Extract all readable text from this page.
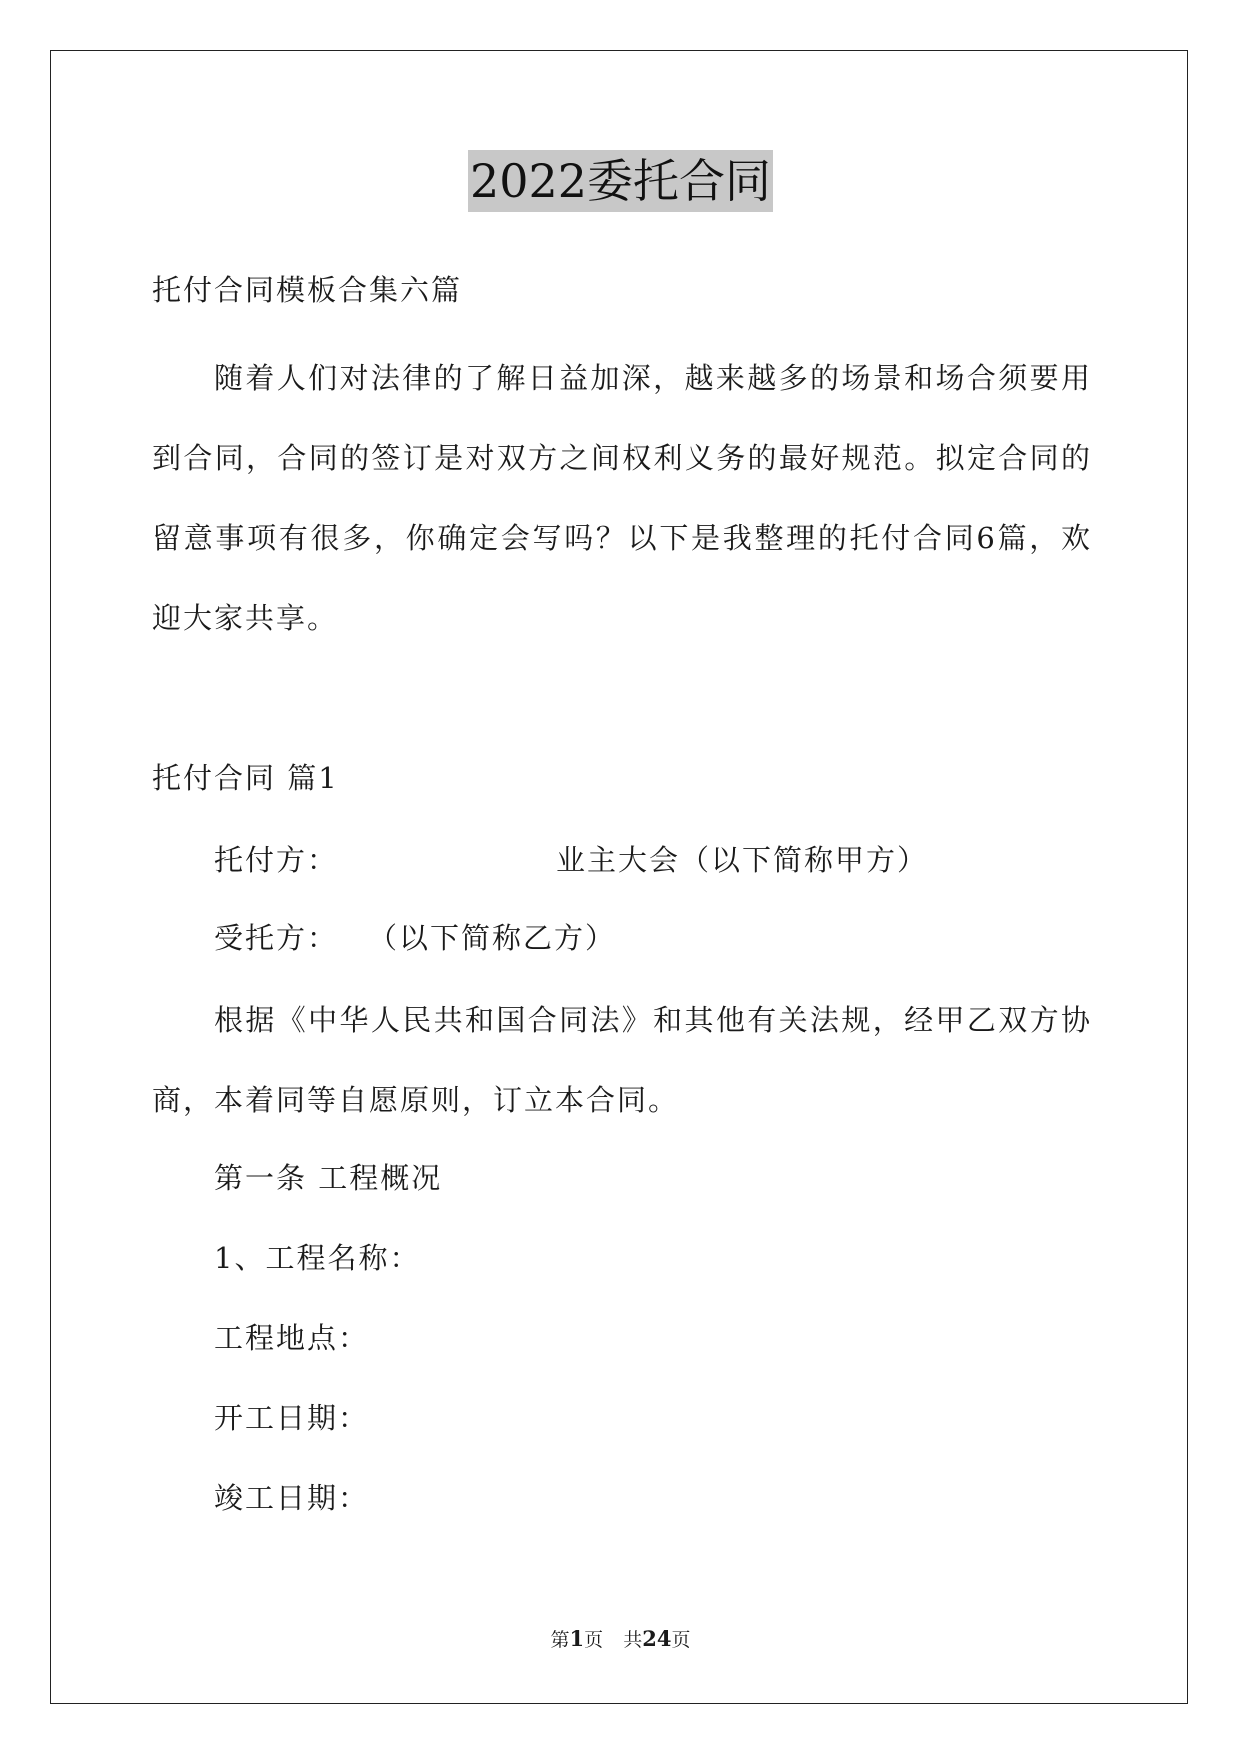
2022委托合同
托付合同模板合集六篇
随着人们对法律的了解日益加深，越来越多的场景和场合须要用到合同，合同的签订是对双方之间权利义务的最好规范。拟定合同的留意事项有很多，你确定会写吗？以下是我整理的托付合同6篇，欢迎大家共享。
托付合同 篇1
托付方：	业主大会（以下简称甲方）
受托方： （以下简称乙方）
根据《中华人民共和国合同法》和其他有关法规，经甲乙双方协商，本着同等自愿原则，订立本合同。
第一条 工程概况
1、工程名称：
工程地点：
开工日期：
竣工日期：
第1页 共24页
